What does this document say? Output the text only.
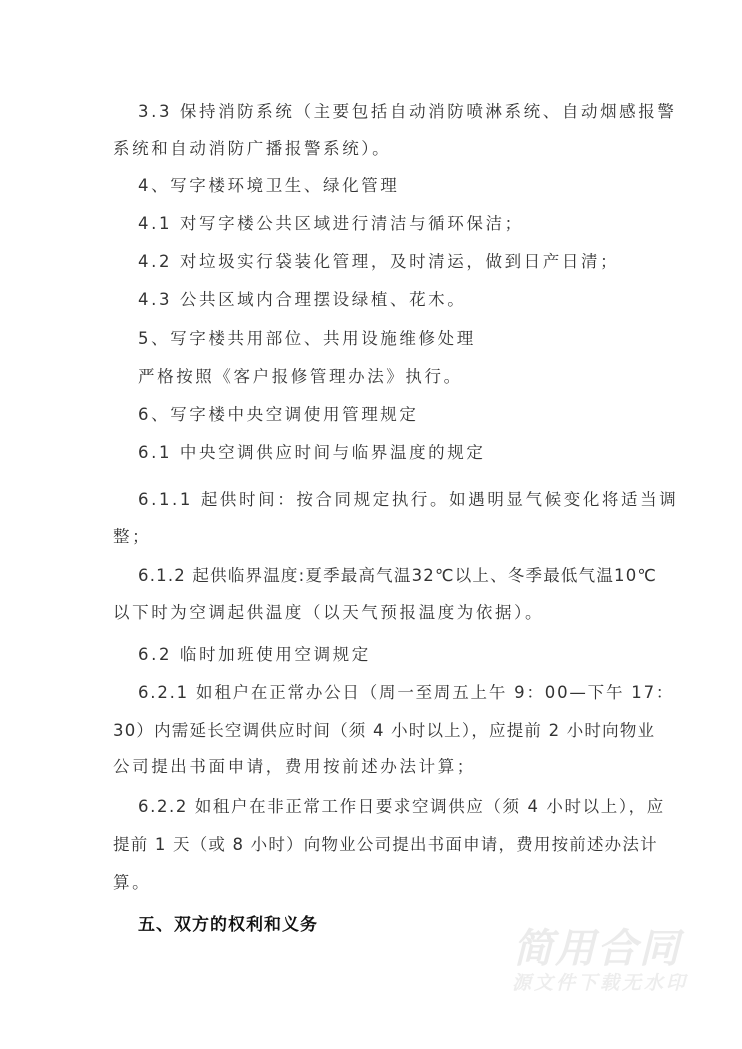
3.3 保持消防系统（主要包括自动消防喷淋系统、自动烟感报警
系统和自动消防广播报警系统）。
4、写字楼环境卫生、绿化管理
4.1 对写字楼公共区域进行清洁与循环保洁；
4.2 对垃圾实行袋装化管理，及时清运，做到日产日清；
4.3 公共区域内合理摆设绿植、花木。
5、写字楼共用部位、共用设施维修处理
严格按照《客户报修管理办法》执行。
6、写字楼中央空调使用管理规定
6.1 中央空调供应时间与临界温度的规定
6.1.1 起供时间：按合同规定执行。如遇明显气候变化将适当调
整；
6.1.2 起供临界温度:夏季最高气温32℃以上、冬季最低气温10℃
以下时为空调起供温度（以天气预报温度为依据）。
6.2 临时加班使用空调规定
6.2.1 如租户在正常办公日（周一至周五上午 9：00—下午 17：
30）内需延长空调供应时间（须 4 小时以上），应提前 2 小时向物业
公司提出书面申请，费用按前述办法计算；
6.2.2 如租户在非正常工作日要求空调供应（须 4 小时以上），应
提前 1 天（或 8 小时）向物业公司提出书面申请，费用按前述办法计
算。
五、双方的权利和义务
简用合同
源文件下载无水印
